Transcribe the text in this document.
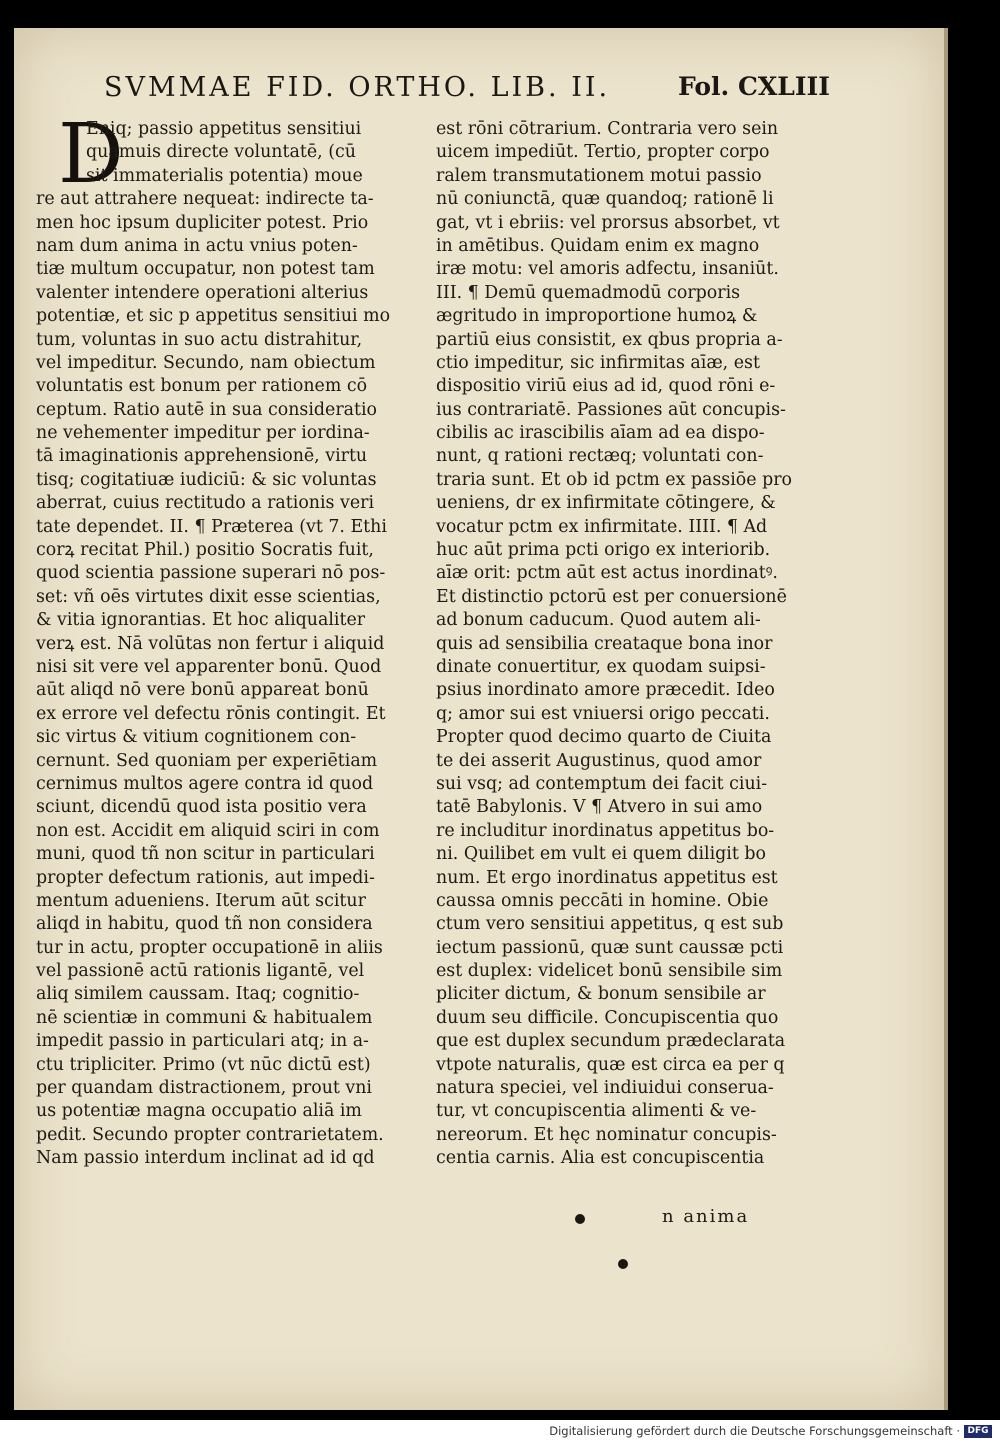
SVMMAE FID. ORTHO. LIB. II.	Fol. CXLIII
D
Eniq; passio appetitus sensitiui
quamuis directe voluntatē, (cū
sit immaterialis potentia) moue
re aut attrahere nequeat: indirecte ta-
men hoc ipsum dupliciter potest. Prio
nam dum anima in actu vnius poten-
tiæ multum occupatur, non potest tam
valenter intendere operationi alterius
potentiæ, et sic p appetitus sensitiui mo
tum, voluntas in suo actu distrahitur,
vel impeditur. Secundo, nam obiectum
voluntatis est bonum per rationem cō
ceptum. Ratio autē in sua consideratio
ne vehementer impeditur per iordina-
tā imaginationis apprehensionē, virtu
tisq; cogitatiuæ iudiciū: & sic voluntas
aberrat, cuius rectitudo a rationis veri
tate dependet. II. ¶ Præterea (vt 7. Ethi
corꝝ recitat Phil.) positio Socratis fuit,
quod scientia passione superari nō pos-
set: vñ oēs virtutes dixit esse scientias,
& vitia ignorantias. Et hoc aliqualiter
verꝝ est. Nā volūtas non fertur i aliquid
nisi sit vere vel apparenter bonū. Quod
aūt aliqd nō vere bonū appareat bonū
ex errore vel defectu rōnis contingit. Et
sic virtus & vitium cognitionem con-
cernunt. Sed quoniam per experiētiam
cernimus multos agere contra id quod
sciunt, dicendū quod ista positio vera
non est. Accidit em aliquid sciri in com
muni, quod tñ non scitur in particulari
propter defectum rationis, aut impedi-
mentum adueniens. Iterum aūt scitur
aliqd in habitu, quod tñ non considera
tur in actu, propter occupationē in aliis
vel passionē actū rationis ligantē, vel
aliq similem caussam. Itaq; cognitio-
nē scientiæ in communi & habitualem
impedit passio in particulari atq; in a-
ctu tripliciter. Primo (vt nūc dictū est)
per quandam distractionem, prout vni
us potentiæ magna occupatio aliā im
pedit. Secundo propter contrarietatem.
Nam passio interdum inclinat ad id qd
est rōni cōtrarium. Contraria vero sein
uicem impediūt. Tertio, propter corpo
ralem transmutationem motui passio
nū coniunctā, quæ quandoq; rationē li
gat, vt i ebriis: vel prorsus absorbet, vt
in amētibus. Quidam enim ex magno
iræ motu: vel amoris adfectu, insaniūt.
III. ¶ Demū quemadmodū corporis
ægritudo in improportione humoꝝ &
partiū eius consistit, ex qbus propria a-
ctio impeditur, sic infirmitas aīæ, est
dispositio viriū eius ad id, quod rōni e-
ius contrariatē. Passiones aūt concupis-
cibilis ac irascibilis aīam ad ea dispo-
nunt, q rationi rectæq; voluntati con-
traria sunt. Et ob id pctm ex passiōe pro
ueniens, dr ex infirmitate cōtingere, &
vocatur pctm ex infirmitate. IIII. ¶ Ad
huc aūt prima pcti origo ex interiorib.
aīæ orit: pctm aūt est actus inordinatꝰ.
Et distinctio pctorū est per conuersionē
ad bonum caducum. Quod autem ali-
quis ad sensibilia creataque bona inor
dinate conuertitur, ex quodam suipsi-
psius inordinato amore præcedit. Ideo
q; amor sui est vniuersi origo peccati.
Propter quod decimo quarto de Ciuita
te dei asserit Augustinus, quod amor
sui vsq; ad contemptum dei facit ciui-
tatē Babylonis. V ¶ Atvero in sui amo
re includitur inordinatus appetitus bo-
ni. Quilibet em vult ei quem diligit bo
num. Et ergo inordinatus appetitus est
caussa omnis peccāti in homine. Obie
ctum vero sensitiui appetitus, q est sub
iectum passionū, quæ sunt caussæ pcti
est duplex: videlicet bonū sensibile sim
pliciter dictum, & bonum sensibile ar
duum seu difficile. Concupiscentia quo
que est duplex secundum prædeclarata
vtpote naturalis, quæ est circa ea per q
natura speciei, vel indiuidui conserua-
tur, vt concupiscentia alimenti & ve-
nereorum. Et hęc nominatur concupis-
centia carnis. Alia est concupiscentia
n anima
Digitalisierung gefördert durch die Deutsche Forschungsgemeinschaft · DFG
